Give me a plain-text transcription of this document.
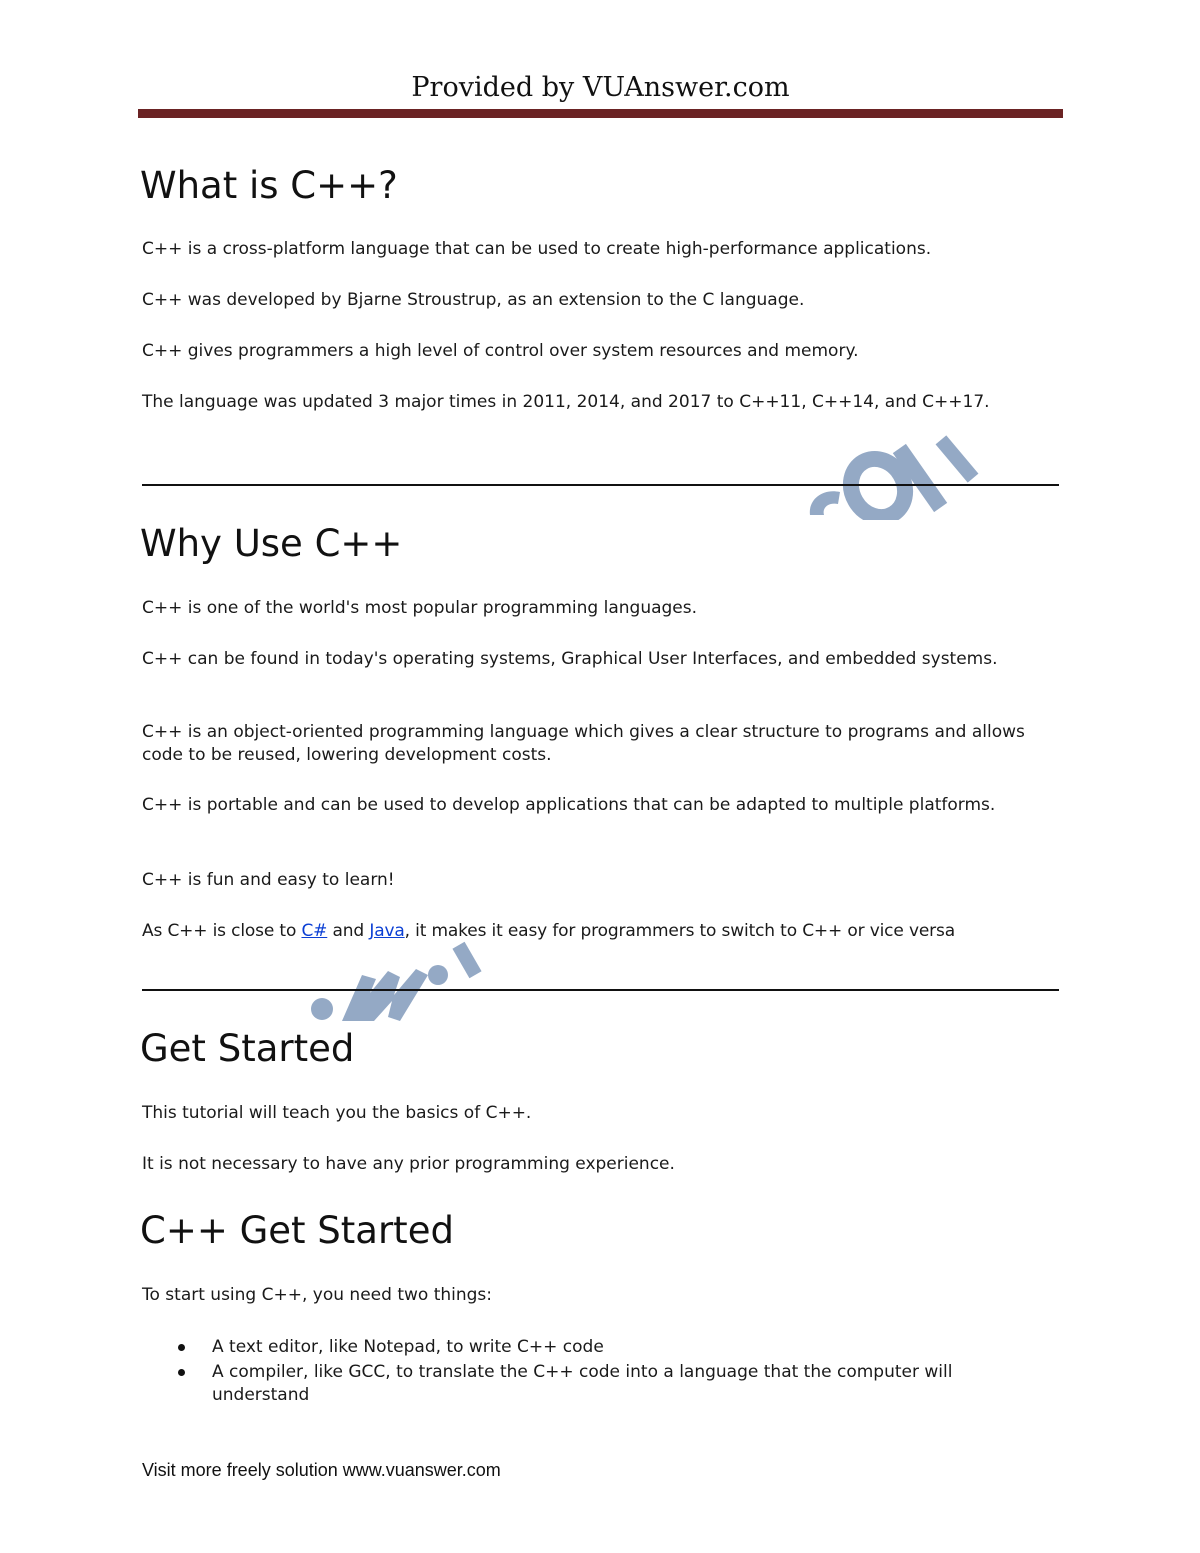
Provided by VUAnswer.com
What is C++?

C++ is a cross-platform language that can be used to create high-performance applications.

C++ was developed by Bjarne Stroustrup, as an extension to the C language.

C++ gives programmers a high level of control over system resources and memory.

The language was updated 3 major times in 2011, 2014, and 2017 to C++11, C++14, and C++17.

Why Use C++

C++ is one of the world's most popular programming languages.

C++ can be found in today's operating systems, Graphical User Interfaces, and embedded systems.

C++ is an object-oriented programming language which gives a clear structure to programs and allows code to be reused, lowering development costs.

C++ is portable and can be used to develop applications that can be adapted to multiple platforms.

C++ is fun and easy to learn!

As C++ is close to C# and Java, it makes it easy for programmers to switch to C++ or vice versa

Get Started

This tutorial will teach you the basics of C++.

It is not necessary to have any prior programming experience.

C++ Get Started

To start using C++, you need two things:

A text editor, like Notepad, to write C++ code
A compiler, like GCC, to translate the C++ code into a language that the computer will understand
Visit more freely solution www.vuanswer.com
